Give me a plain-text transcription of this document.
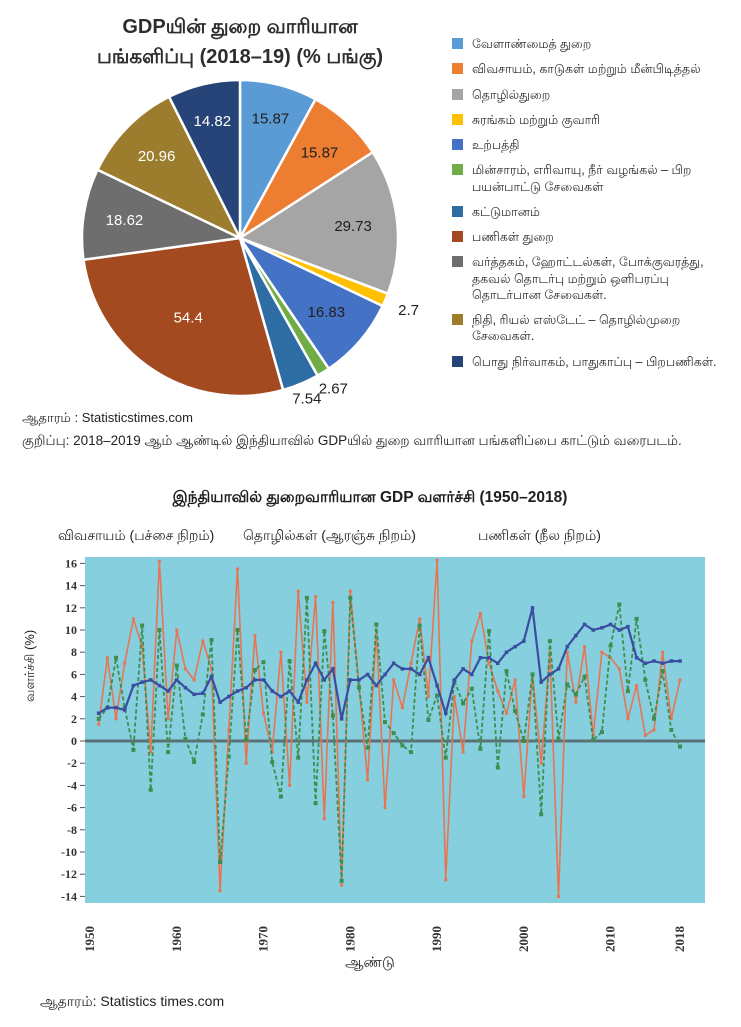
GDPயின் துறை வாரியான
பங்களிப்பு (2018–19) (% பங்கு)
15.87
15.87
29.73
2.7
16.83
2.67
7.54
54.4
18.62
20.96
14.82
வேளாண்மைத் துறை
விவசாயம், காடுகள் மற்றும் மீன்பிடித்தல்
தொழில்துறை
சுரங்கம் மற்றும் குவாரி
உற்பத்தி
மின்சாரம், எரிவாயு, நீர் வழங்கல் – பிற பயன்பாட்டு சேவைகள்
கட்டுமானம்
பணிகள் துறை
வர்த்தகம், ஹோட்டல்கள், போக்குவரத்து, தகவல் தொடர்பு மற்றும் ஒளிபரப்பு தொடர்பான சேவைகள்.
நிதி, ரியல் எஸ்டேட் – தொழில்முறை சேவைகள்.
பொது நிர்வாகம், பாதுகாப்பு – பிறபணிகள்.
ஆதாரம் : Statisticstimes.com
குறிப்பு: 2018–2019 ஆம் ஆண்டில் இந்தியாவில் GDPயில் துறை வாரியான பங்களிப்பை காட்டும் வரைபடம்.
இந்தியாவில் துறைவாரியான GDP வளர்ச்சி (1950–2018)
விவசாயம் (பச்சை நிறம்) தொழில்கள் (ஆரஞ்சு நிறம்)	பணிகள் (நீல நிறம்)
வளர்ச்சி (%)
-14
-12
-10
-8
-6
-4
-2
0
2
4
6
8
10
12
14
16
1950	1960	1970	1980	1990	2000	2010	2018
ஆண்டு
ஆதாரம்: Statistics times.com
